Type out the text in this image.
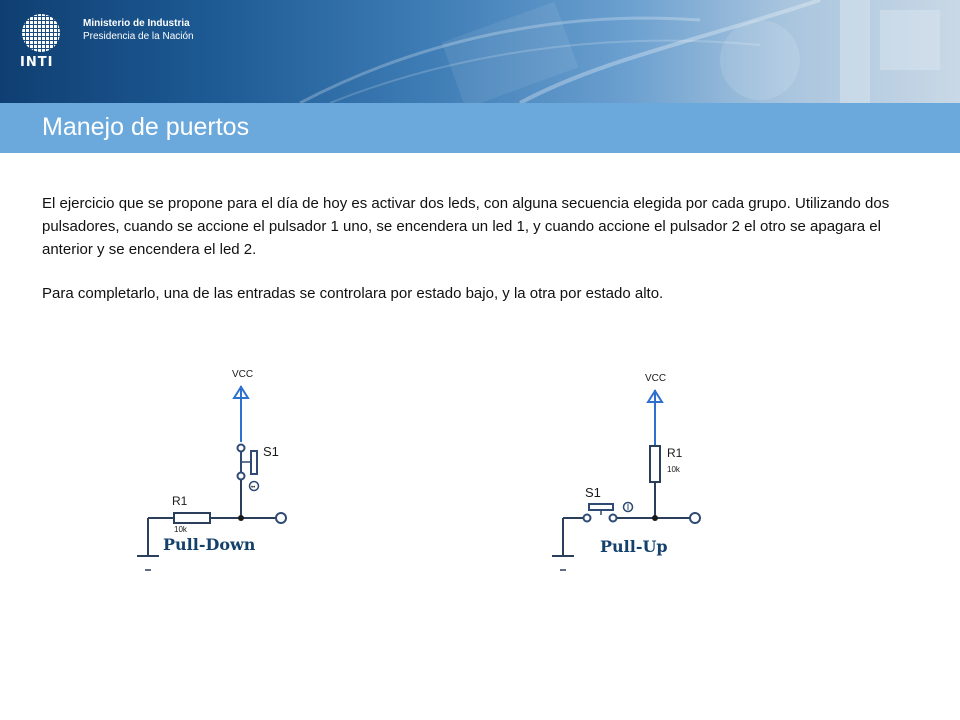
INTI
Ministerio de Industria
Presidencia de la Nación
Manejo de puertos

El ejercicio que se propone para el día de hoy es activar dos leds, con alguna secuencia elegida por cada grupo. Utilizando dos pulsadores, cuando se accione el pulsador 1 uno, se encendera un led 1, y cuando accione el pulsador 2 el otro se apagara el anterior y se encendera el led 2.

Para completarlo, una de las entradas se controlara por estado bajo, y la otra por estado alto.

VCC
••
S1
R1
10k
Pull-Down
VCC
R1
10k
S1
Pull-Up
